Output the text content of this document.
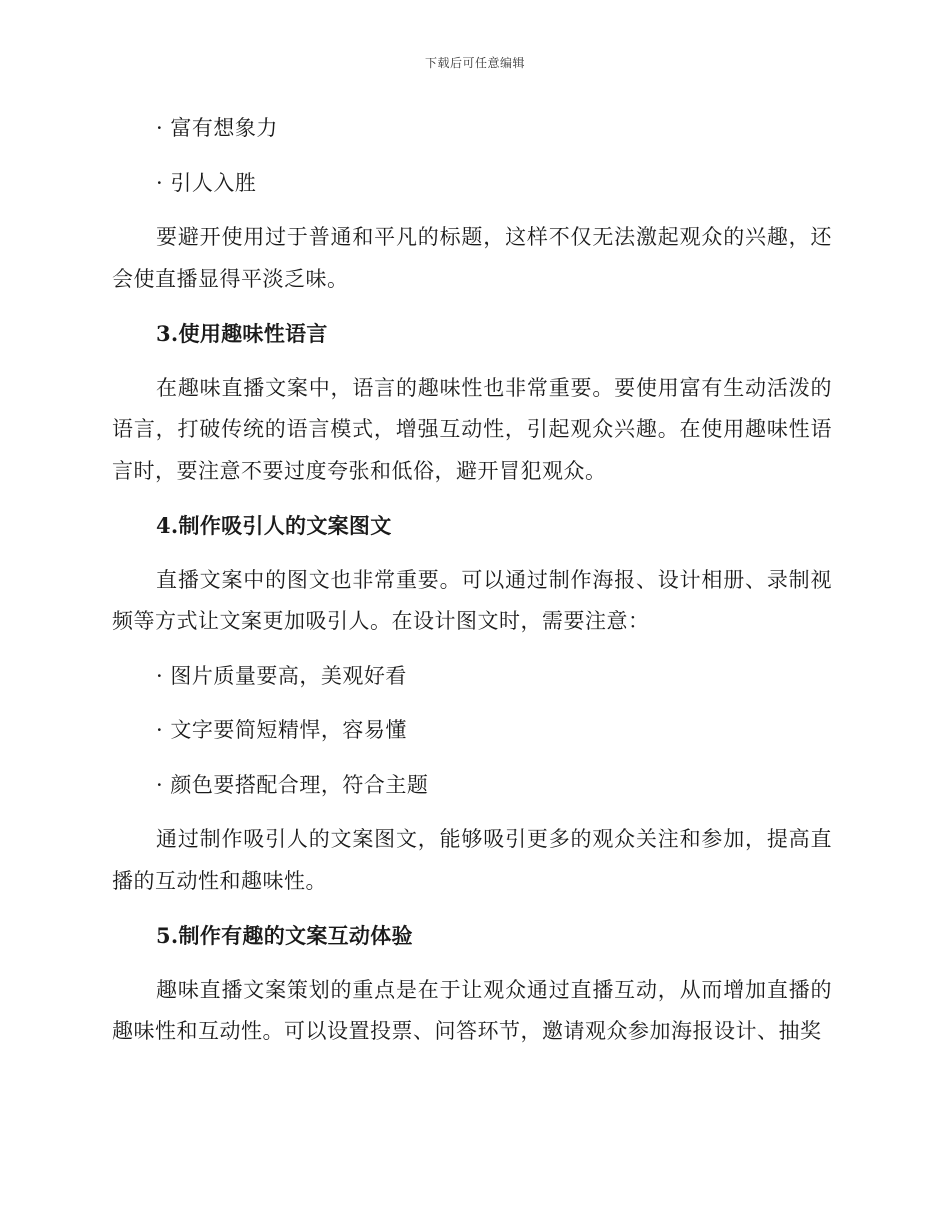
下载后可任意编辑
· 富有想象力
· 引人入胜
要避开使用过于普通和平凡的标题，这样不仅无法激起观众的兴趣，还会使直播显得平淡乏味。
3.使用趣味性语言
在趣味直播文案中，语言的趣味性也非常重要。要使用富有生动活泼的语言，打破传统的语言模式，增强互动性，引起观众兴趣。在使用趣味性语言时，要注意不要过度夸张和低俗，避开冒犯观众。
4.制作吸引人的文案图文
直播文案中的图文也非常重要。可以通过制作海报、设计相册、录制视频等方式让文案更加吸引人。在设计图文时，需要注意：
· 图片质量要高，美观好看
· 文字要简短精悍，容易懂
· 颜色要搭配合理，符合主题
通过制作吸引人的文案图文，能够吸引更多的观众关注和参加，提高直播的互动性和趣味性。
5.制作有趣的文案互动体验
趣味直播文案策划的重点是在于让观众通过直播互动，从而增加直播的趣味性和互动性。可以设置投票、问答环节，邀请观众参加海报设计、抽奖
